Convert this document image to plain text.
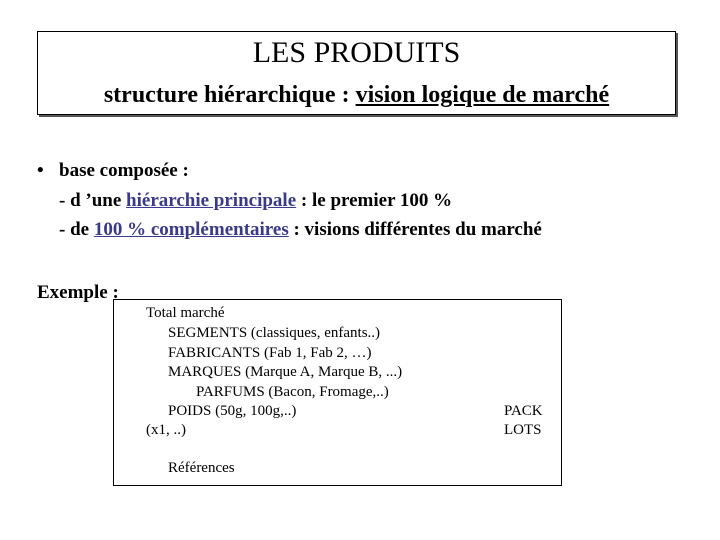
LES PRODUITS
structure hiérarchique : vision logique de marché
• base composée :
- d ’une hiérarchie principale : le premier 100 %
- de 100 % complémentaires : visions différentes du marché
Exemple :
Total marché
SEGMENTS (classiques, enfants..)
FABRICANTS (Fab 1, Fab 2, …)
MARQUES (Marque A, Marque B, ...)
PARFUMS (Bacon, Fromage,..)
POIDS (50g, 100g,..)
(x1, ..)
Références
PACK
LOTS
